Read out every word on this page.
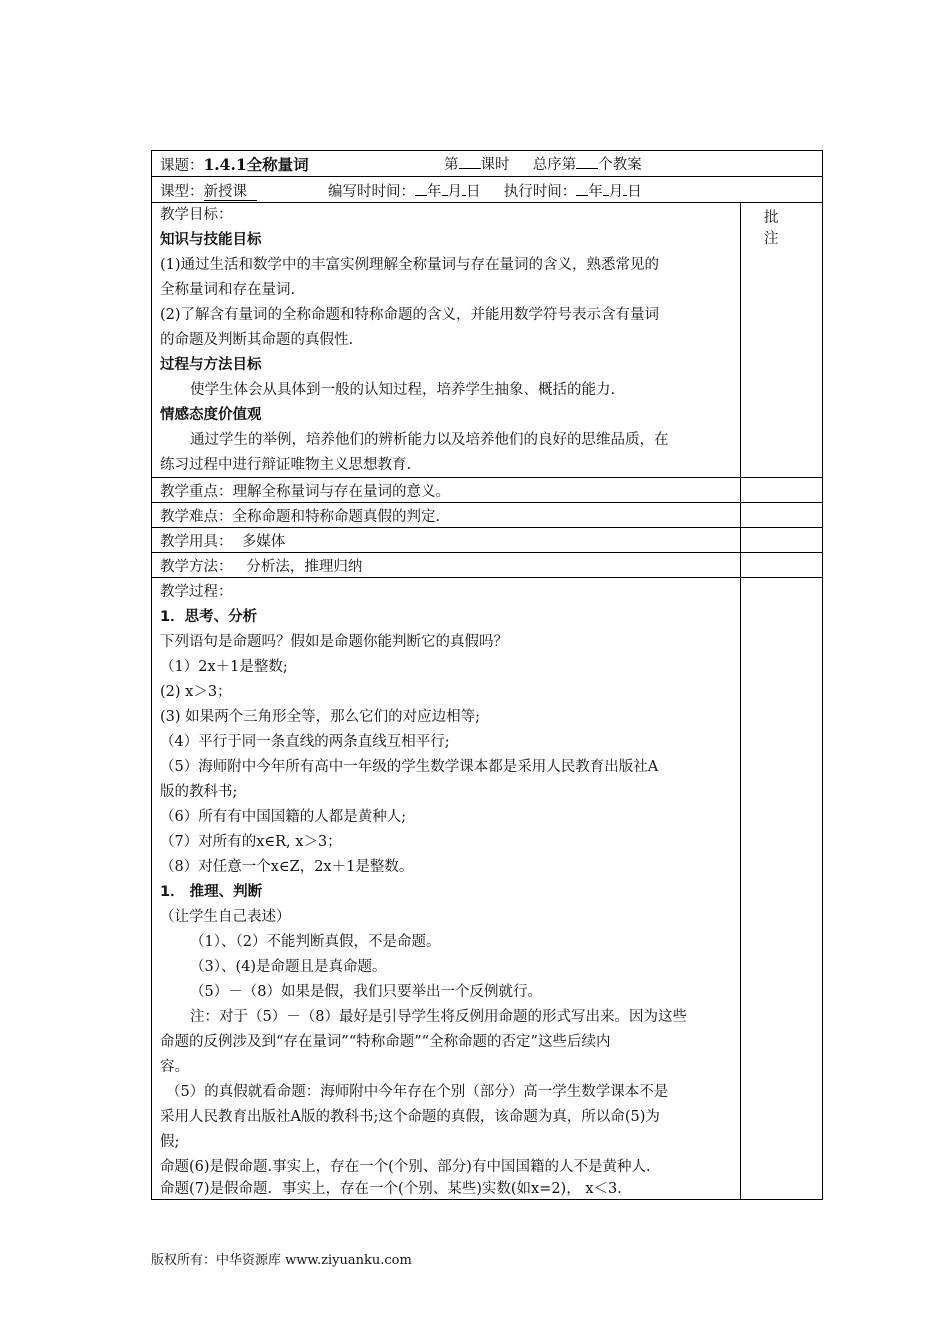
课题：1.4.1全称量词	第 课时 总序第 个教案
课型：新授课	编写时时间： 年 月 日 执行时间： 年 月 日
批 注
教学目标：
知识与技能目标
(1)通过生活和数学中的丰富实例理解全称量词与存在量词的含义，熟悉常见的
全称量词和存在量词.
(2)了解含有量词的全称命题和特称命题的含义，并能用数学符号表示含有量词
的命题及判断其命题的真假性.
过程与方法目标
使学生体会从具体到一般的认知过程，培养学生抽象、概括的能力.
情感态度价值观
通过学生的举例，培养他们的辨析能力以及培养他们的良好的思维品质，在
练习过程中进行辩证唯物主义思想教育.
教学重点：理解全称量词与存在量词的意义。
教学难点：全称命题和特称命题真假的判定.
教学用具：  多媒体
教学方法：   分析法，推理归纳
教学过程：
1．思考、分析
下列语句是命题吗？假如是命题你能判断它的真假吗？
（1）2x＋1是整数;
(2) x＞3；
(3) 如果两个三角形全等，那么它们的对应边相等;
（4）平行于同一条直线的两条直线互相平行;
（5）海师附中今年所有高中一年级的学生数学课本都是采用人民教育出版社A
版的教科书;
（6）所有有中国国籍的人都是黄种人;
（7）对所有的x∈R, x＞3；
（8）对任意一个x∈Z，2x＋1是整数。
1． 推理、判断
（让学生自己表述）
（1）、（2）不能判断真假，不是命题。
（3）、(4)是命题且是真命题。
（5）－（8）如果是假，我们只要举出一个反例就行。
注：对于（5）－（8）最好是引导学生将反例用命题的形式写出来。因为这些
命题的反例涉及到“存在量词”“特称命题”“全称命题的否定”这些后续内
容。
（5）的真假就看命题：海师附中今年存在个别（部分）高一学生数学课本不是
采用人民教育出版社A版的教科书;这个命题的真假，该命题为真，所以命(5)为
假;
命题(6)是假命题.事实上，存在一个(个别、部分)有中国国籍的人不是黄种人.
命题(7)是假命题．事实上，存在一个(个别、某些)实数(如x=2)， x＜3．
版权所有：中华资源库 www.ziyuanku.com
